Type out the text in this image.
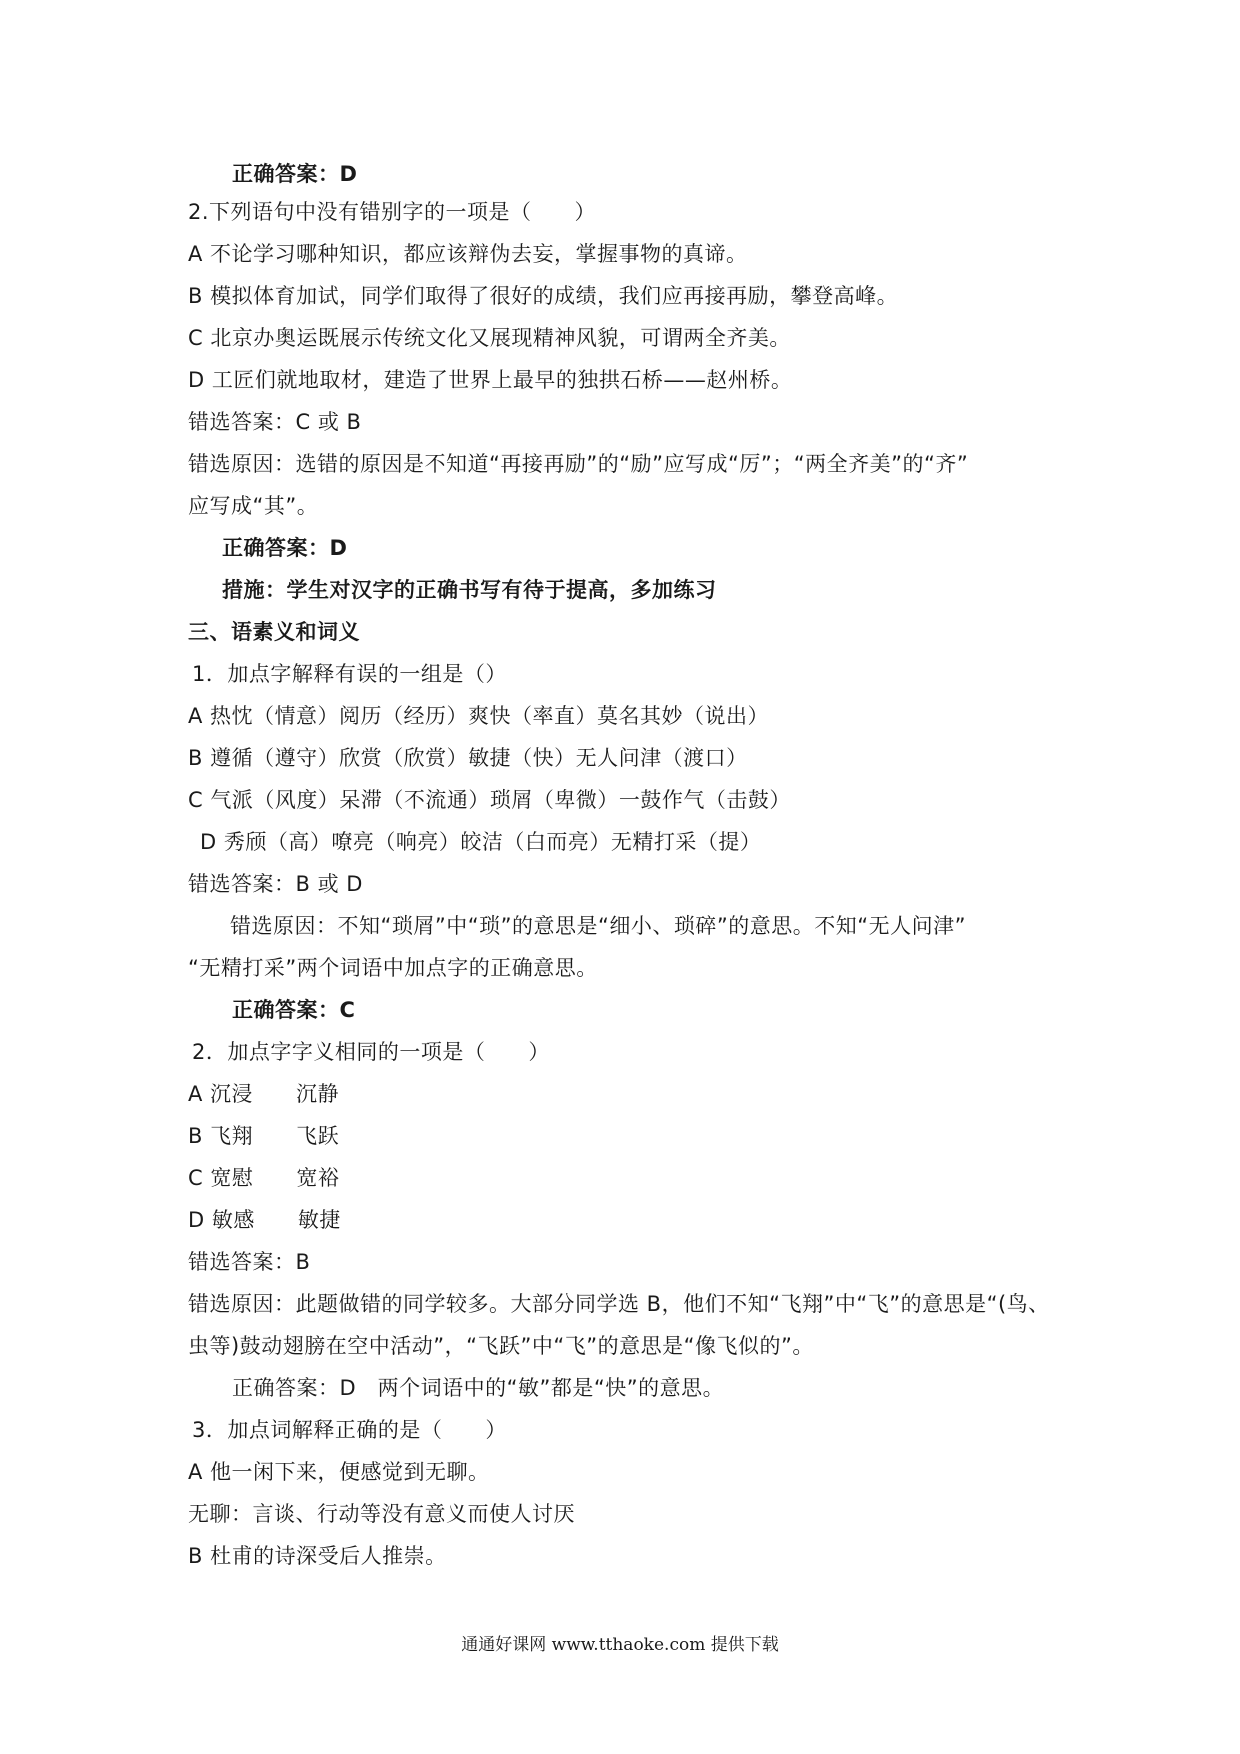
正确答案：D
2.下列语句中没有错别字的一项是（　　）
A 不论学习哪种知识，都应该辩伪去妄，掌握事物的真谛。
B 模拟体育加试，同学们取得了很好的成绩，我们应再接再励，攀登高峰。
C 北京办奥运既展示传统文化又展现精神风貌，可谓两全齐美。
D 工匠们就地取材，建造了世界上最早的独拱石桥——赵州桥。
错选答案：C 或 B
错选原因：选错的原因是不知道“再接再励”的“励”应写成“厉”；“两全齐美”的“齐”
应写成“其”。
正确答案：D
措施：学生对汉字的正确书写有待于提高，多加练习
三、语素义和词义
1．加点字解释有误的一组是（）
A 热忱（情意）阅历（经历）爽快（率直）莫名其妙（说出）
B 遵循（遵守）欣赏（欣赏）敏捷（快）无人问津（渡口）
C 气派（风度）呆滞（不流通）琐屑（卑微）一鼓作气（击鼓）
D 秀颀（高）嘹亮（响亮）皎洁（白而亮）无精打采（提）
错选答案：B 或 D
错选原因：不知“琐屑”中“琐”的意思是“细小、琐碎”的意思。不知“无人问津”
“无精打采”两个词语中加点字的正确意思。
正确答案：C
2．加点字字义相同的一项是（　　）
A 沉浸　　沉静
B 飞翔　　飞跃
C 宽慰　　宽裕
D 敏感　　敏捷
错选答案：B
错选原因：此题做错的同学较多。大部分同学选 B，他们不知“飞翔”中“飞”的意思是“(鸟、
虫等)鼓动翅膀在空中活动”，“飞跃”中“飞”的意思是“像飞似的”。
正确答案：D　两个词语中的“敏”都是“快”的意思。
3．加点词解释正确的是（　　）
A 他一闲下来，便感觉到无聊。
无聊：言谈、行动等没有意义而使人讨厌
B 杜甫的诗深受后人推崇。
通通好课网 www.tthaoke.com 提供下载
